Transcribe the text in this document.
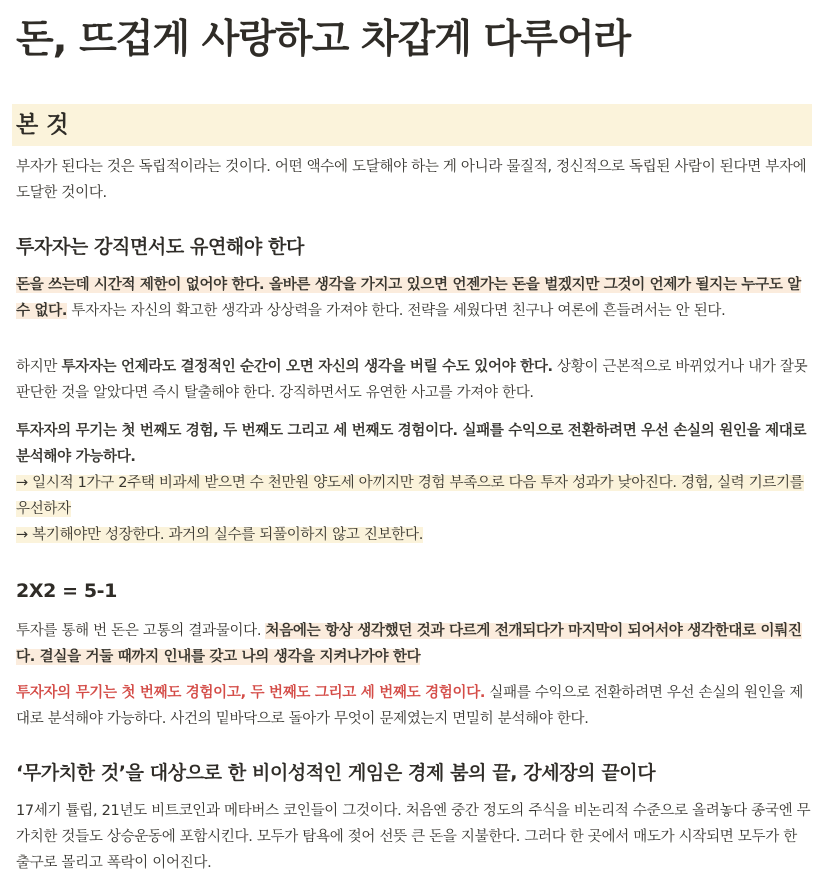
돈, 뜨겁게 사랑하고 차갑게 다루어라
본 것

부자가 된다는 것은 독립적이라는 것이다. 어떤 액수에 도달해야 하는 게 아니라 물질적, 정신적으로 독립된 사람이 된다면 부자에 도달한 것이다.

투자자는 강직면서도 유연해야 한다

돈을 쓰는데 시간적 제한이 없어야 한다. 올바른 생각을 가지고 있으면 언젠가는 돈을 벌겠지만 그것이 언제가 될지는 누구도 알 수 없다. 투자자는 자신의 확고한 생각과 상상력을 가져야 한다. 전략을 세웠다면 친구나 여론에 흔들려서는 안 된다.

하지만 투자자는 언제라도 결정적인 순간이 오면 자신의 생각을 버릴 수도 있어야 한다. 상황이 근본적으로 바뀌었거나 내가 잘못 판단한 것을 알았다면 즉시 탈출해야 한다. 강직하면서도 유연한 사고를 가져야 한다.

투자자의 무기는 첫 번째도 경험, 두 번째도 그리고 세 번째도 경험이다. 실패를 수익으로 전환하려면 우선 손실의 원인을 제대로 분석해야 가능하다.

→ 일시적 1가구 2주택 비과세 받으면 수 천만원 양도세 아끼지만 경험 부족으로 다음 투자 성과가 낮아진다. 경험, 실력 기르기를 우선하자
→ 복기해야만 성장한다. 과거의 실수를 되풀이하지 않고 진보한다.

2X2 = 5-1

투자를 통해 번 돈은 고통의 결과물이다. 처음에는 항상 생각했던 것과 다르게 전개되다가 마지막이 되어서야 생각한대로 이뤄진다. 결실을 거둘 때까지 인내를 갖고 나의 생각을 지켜나가야 한다

투자자의 무기는 첫 번째도 경험이고, 두 번째도 그리고 세 번째도 경험이다. 실패를 수익으로 전환하려면 우선 손실의 원인을 제대로 분석해야 가능하다. 사건의 밑바닥으로 돌아가 무엇이 문제였는지 면밀히 분석해야 한다.

‘무가치한 것’을 대상으로 한 비이성적인 게임은 경제 붐의 끝, 강세장의 끝이다

17세기 튤립, 21년도 비트코인과 메타버스 코인들이 그것이다. 처음엔 중간 정도의 주식을 비논리적 수준으로 올려놓다 종국엔 무가치한 것들도 상승운동에 포함시킨다. 모두가 탐욕에 젖어 선뜻 큰 돈을 지불한다. 그러다 한 곳에서 매도가 시작되면 모두가 한 출구로 몰리고 폭락이 이어진다.
